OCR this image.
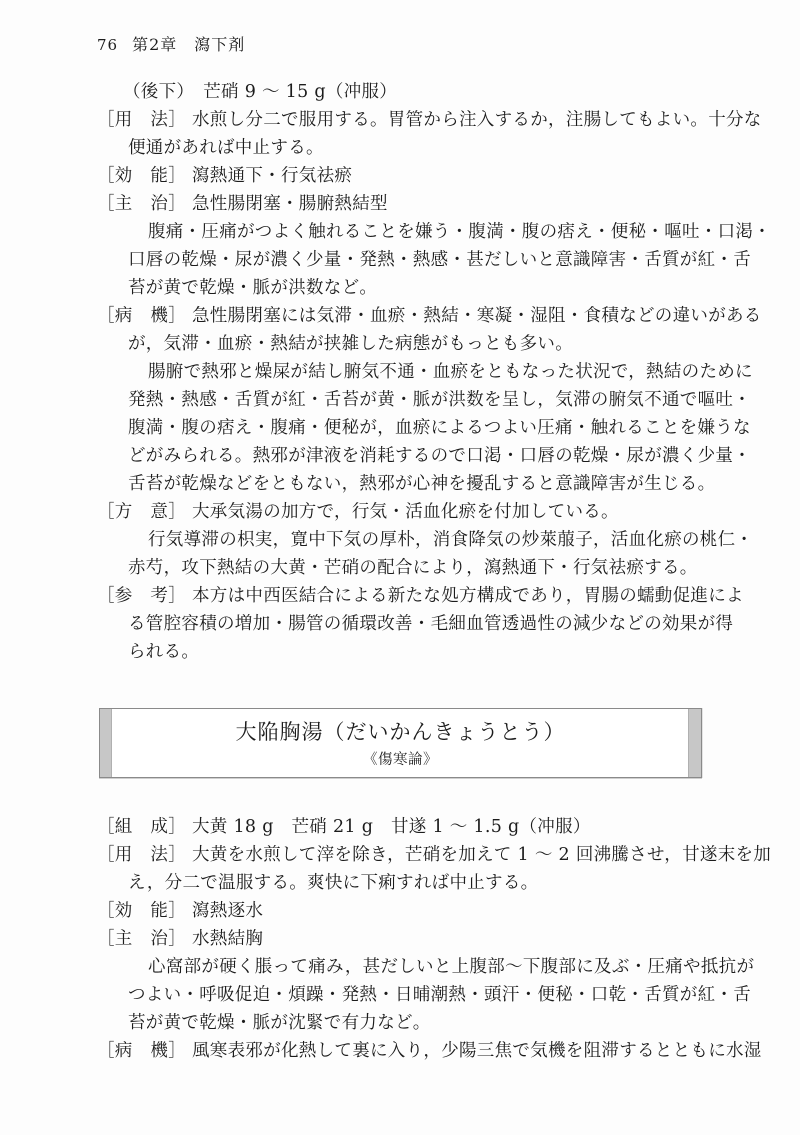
76 第2章　瀉下剤
（後下）　芒硝 9 ～ 15 g（冲服）
［用　法］ 水煎し分二で服用する。胃管から注入するか，注腸してもよい。十分な
便通があれば中止する。
［効　能］ 瀉熱通下・行気祛瘀
［主　治］ 急性腸閉塞・腸腑熱結型
腹痛・圧痛がつよく触れることを嫌う・腹満・腹の痞え・便秘・嘔吐・口渇・
口唇の乾燥・尿が濃く少量・発熱・熱感・甚だしいと意識障害・舌質が紅・舌
苔が黄で乾燥・脈が洪数など。
［病　機］ 急性腸閉塞には気滞・血瘀・熱結・寒凝・湿阻・食積などの違いがある
が，気滞・血瘀・熱結が挟雑した病態がもっとも多い。
腸腑で熱邪と燥屎が結し腑気不通・血瘀をともなった状況で，熱結のために
発熱・熱感・舌質が紅・舌苔が黄・脈が洪数を呈し，気滞の腑気不通で嘔吐・
腹満・腹の痞え・腹痛・便秘が，血瘀によるつよい圧痛・触れることを嫌うな
どがみられる。熱邪が津液を消耗するので口渇・口唇の乾燥・尿が濃く少量・
舌苔が乾燥などをともない，熱邪が心神を擾乱すると意識障害が生じる。
［方　意］ 大承気湯の加方で，行気・活血化瘀を付加している。
行気導滞の枳実，寛中下気の厚朴，消食降気の炒萊菔子，活血化瘀の桃仁・
赤芍，攻下熱結の大黄・芒硝の配合により，瀉熱通下・行気祛瘀する。
［参　考］ 本方は中西医結合による新たな処方構成であり，胃腸の蠕動促進によ
る管腔容積の増加・腸管の循環改善・毛細血管透過性の減少などの効果が得
られる。
大陥胸湯（だいかんきょうとう）
《傷寒論》
［組　成］ 大黄 18 g　芒硝 21 g　甘遂 1 ～ 1.5 g（冲服）
［用　法］ 大黄を水煎して滓を除き，芒硝を加えて 1 ～ 2 回沸騰させ，甘遂末を加
え，分二で温服する。爽快に下痢すれば中止する。
［効　能］ 瀉熱逐水
［主　治］ 水熱結胸
心窩部が硬く脹って痛み，甚だしいと上腹部～下腹部に及ぶ・圧痛や抵抗が
つよい・呼吸促迫・煩躁・発熱・日晡潮熱・頭汗・便秘・口乾・舌質が紅・舌
苔が黄で乾燥・脈が沈緊で有力など。
［病　機］ 風寒表邪が化熱して裏に入り，少陽三焦で気機を阻滞するとともに水湿
